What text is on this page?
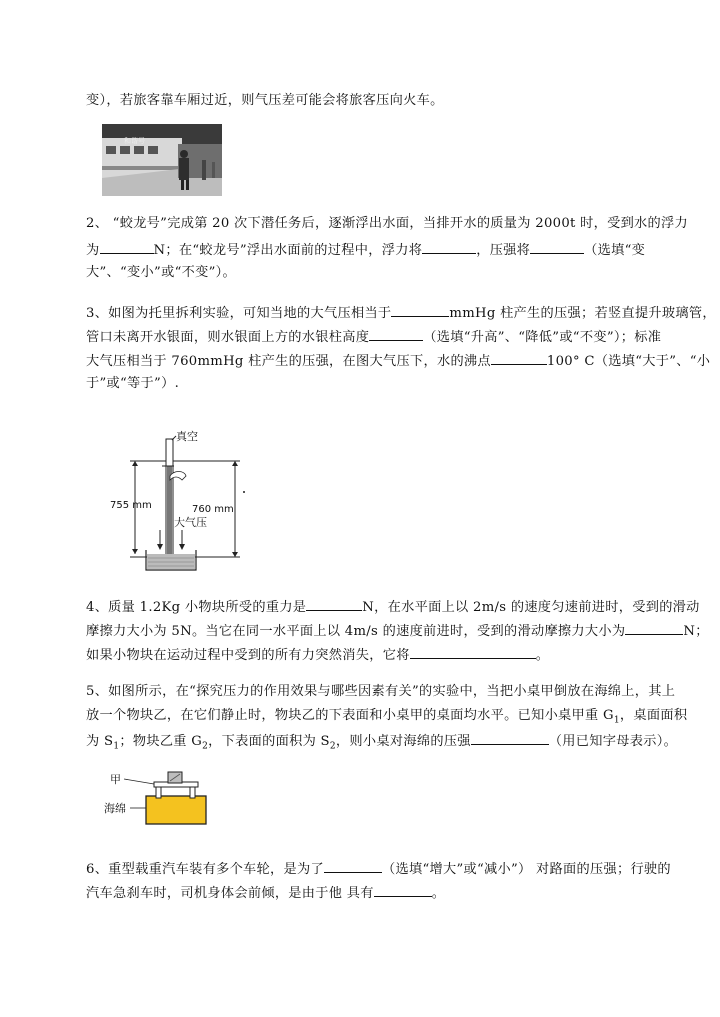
变），若旅客靠车厢过近，则气压差可能会将旅客压向火车。
和谐号
2、 “蛟龙号”完成第 20 次下潜任务后，逐渐浮出水面，当排开水的质量为 2000t 时，受到水的浮力
为	N；在“蛟龙号”浮出水面前的过程中，浮力将	，压强将	（选填“变
大”、“变小”或“不变”）。
3、如图为托里拆利实验，可知当地的大气压相当于	mmHg 柱产生的压强；若竖直提升玻璃管，
管口未离开水银面，则水银面上方的水银柱高度	（选填“升高”、“降低”或“不变”）；标准
大气压相当于 760mmHg 柱产生的压强，在图大气压下，水的沸点	100° C（选填“大于”、“小
于”或“等于”）.
真空
755 mm	760 mm
大气压
4、质量 1.2Kg 小物块所受的重力是	N，在水平面上以 2m/s 的速度匀速前进时，受到的滑动
摩擦力大小为 5N。当它在同一水平面上以 4m/s 的速度前进时，受到的滑动摩擦力大小为	N；
如果小物块在运动过程中受到的所有力突然消失，它将	。
5、如图所示，在“探究压力的作用效果与哪些因素有关”的实验中，当把小桌甲倒放在海绵上，其上
放一个物块乙，在它们静止时，物块乙的下表面和小桌甲的桌面均水平。已知小桌甲重 $G_1$，桌面面积
为 $S_1$；物块乙重 $G_2$，下表面的面积为 $S_2$，则小桌对海绵的压强	（用已知字母表示）。
甲
海绵
6、重型载重汽车装有多个车轮，是为了	（选填“增大”或“减小”） 对路面的压强；行驶的
汽车急刹车时，司机身体会前倾，是由于他 具有	。
